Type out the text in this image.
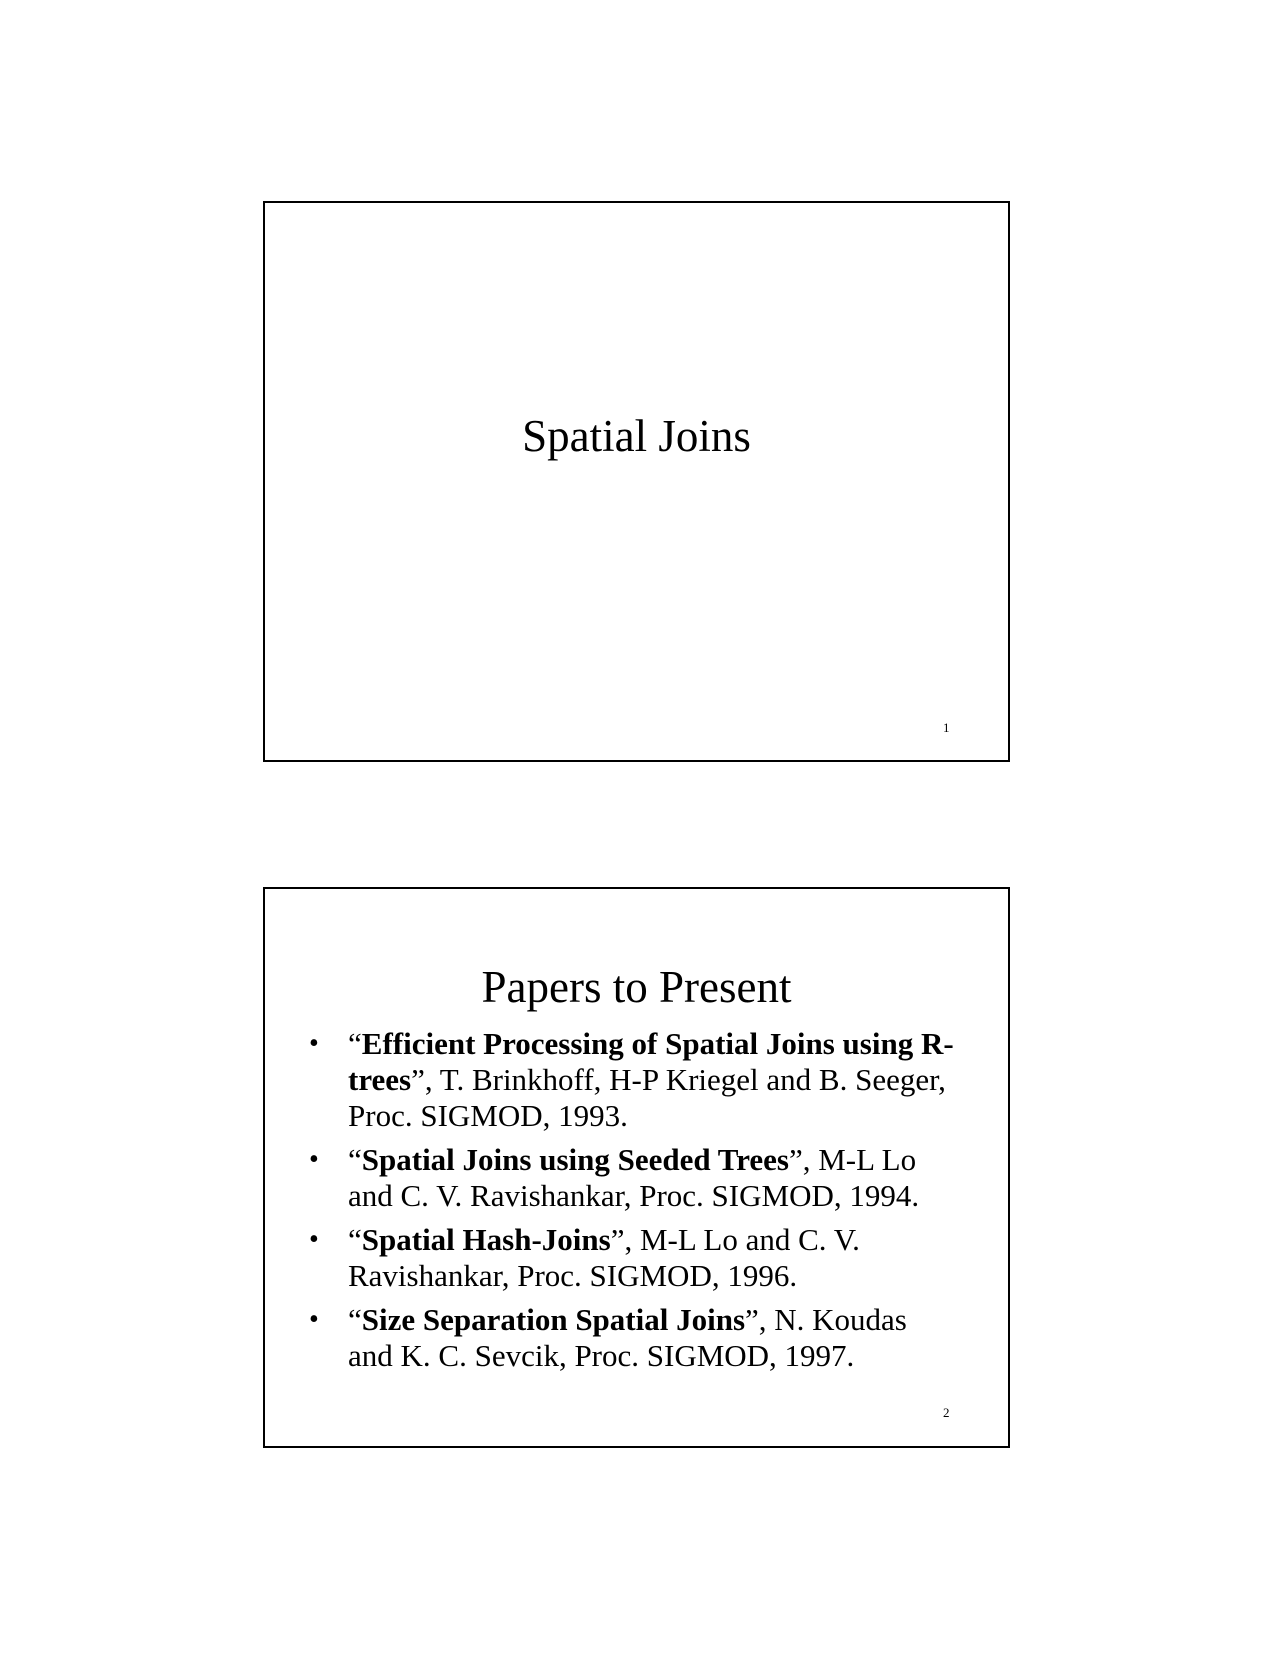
Spatial Joins
1
Papers to Present
• “Efficient Processing of Spatial Joins using R-trees”, T. Brinkhoff, H-P Kriegel and B. Seeger, Proc. SIGMOD, 1993.
• “Spatial Joins using Seeded Trees”, M-L Lo and C. V. Ravishankar, Proc. SIGMOD, 1994.
• “Spatial Hash-Joins”, M-L Lo and C. V. Ravishankar, Proc. SIGMOD, 1996.
• “Size Separation Spatial Joins”, N. Koudas and K. C. Sevcik, Proc. SIGMOD, 1997.
2
